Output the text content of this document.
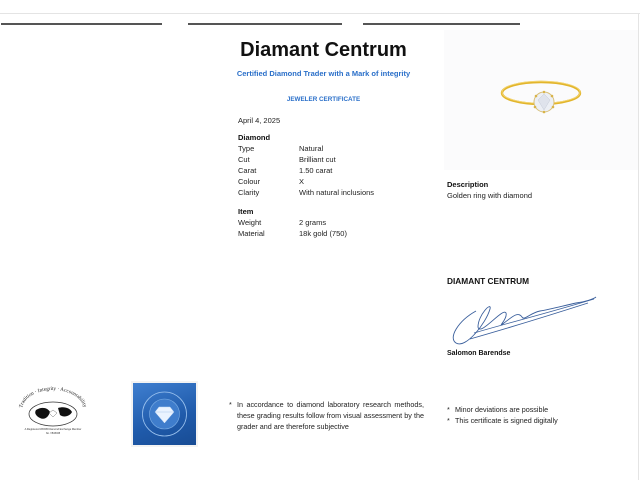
Diamant Centrum
Certified Diamond Trader with a Mark of integrity
JEWELER CERTIFICATE
April 4, 2025
Diamond
Type	Natural
Cut	Brilliant cut
Carat	1.50 carat
Colour	X
Clarity	With natural inclusions
Item
Weight	2 grams
Material	18k gold (750)
Description
Golden ring with diamond
DIAMANT CENTRUM
Salomon Barendse
Tradition · Integrity · Accountability
A Registered WFDB Diamond Exchange Member
No. VB15038
* In accordance to diamond laboratory research methods, these grading results follow from visual assessment by the grader and are therefore subjective
* Minor deviations are possible
* This certificate is signed digitally
